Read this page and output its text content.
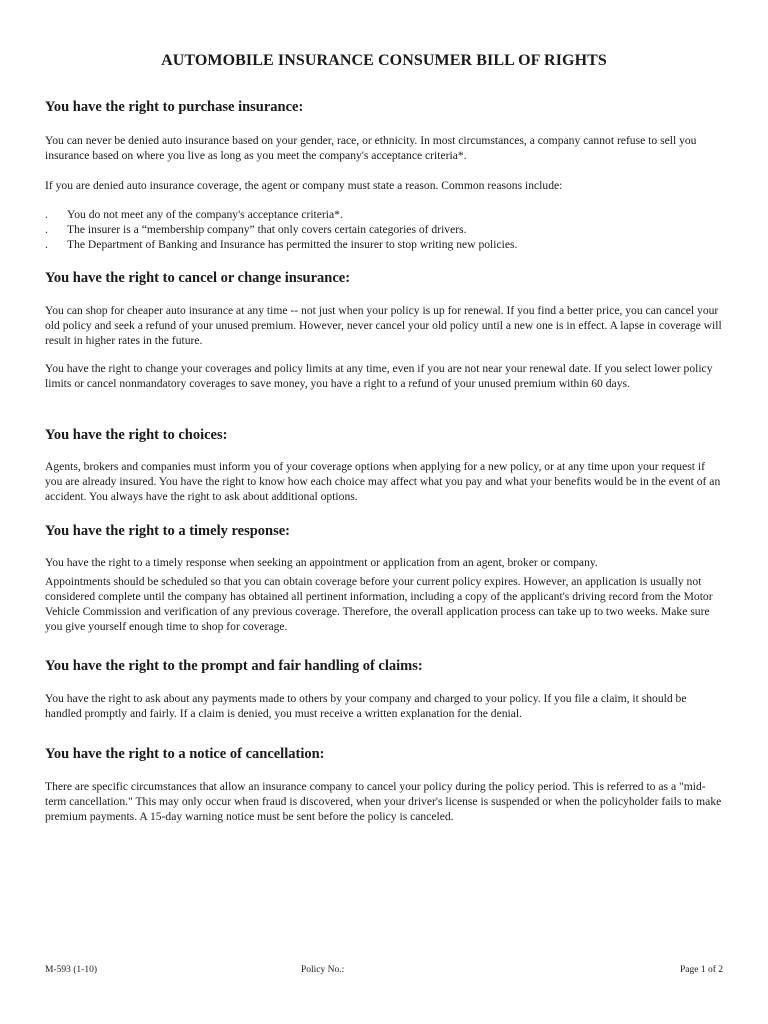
AUTOMOBILE INSURANCE CONSUMER BILL OF RIGHTS
You have the right to purchase insurance:

You can never be denied auto insurance based on your gender, race, or ethnicity. In most circumstances, a company cannot refuse to sell you insurance based on where you live as long as you meet the company's acceptance criteria*.

If you are denied auto insurance coverage, the agent or company must state a reason. Common reasons include:

. You do not meet any of the company's acceptance criteria*.
. The insurer is a “membership company” that only covers certain categories of drivers.
. The Department of Banking and Insurance has permitted the insurer to stop writing new policies.
You have the right to cancel or change insurance:

You can shop for cheaper auto insurance at any time -- not just when your policy is up for renewal. If you find a better price, you can cancel your old policy and seek a refund of your unused premium. However, never cancel your old policy until a new one is in effect. A lapse in coverage will result in higher rates in the future.

You have the right to change your coverages and policy limits at any time, even if you are not near your renewal date. If you select lower policy limits or cancel nonmandatory coverages to save money, you have a right to a refund of your unused premium within 60 days.

You have the right to choices:

Agents, brokers and companies must inform you of your coverage options when applying for a new policy, or at any time upon your request if you are already insured. You have the right to know how each choice may affect what you pay and what your benefits would be in the event of an accident. You always have the right to ask about additional options.

You have the right to a timely response:

You have the right to a timely response when seeking an appointment or application from an agent, broker or company.

Appointments should be scheduled so that you can obtain coverage before your current policy expires. However, an application is usually not considered complete until the company has obtained all pertinent information, including a copy of the applicant's driving record from the Motor Vehicle Commission and verification of any previous coverage. Therefore, the overall application process can take up to two weeks. Make sure you give yourself enough time to shop for coverage.

You have the right to the prompt and fair handling of claims:

You have the right to ask about any payments made to others by your company and charged to your policy. If you file a claim, it should be handled promptly and fairly. If a claim is denied, you must receive a written explanation for the denial.

You have the right to a notice of cancellation:

There are specific circumstances that allow an insurance company to cancel your policy during the policy period. This is referred to as a "mid-term cancellation." This may only occur when fraud is discovered, when your driver's license is suspended or when the policyholder fails to make premium payments. A 15-day warning notice must be sent before the policy is canceled.

M-593 (1-10)	Policy No.:	Page 1 of 2
